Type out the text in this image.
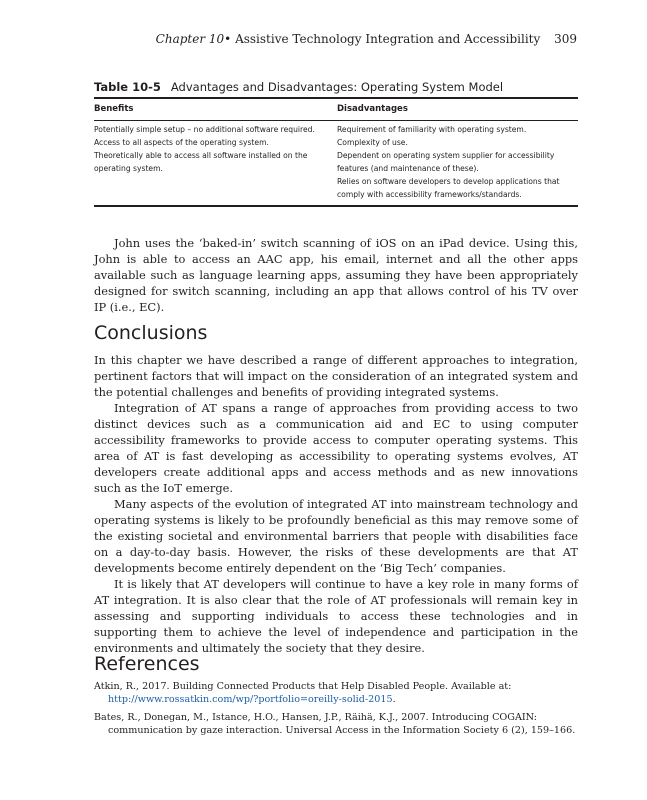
Chapter 10• Assistive Technology Integration and Accessibility 309
Table 10-5 Advantages and Disadvantages: Operating System Model
Benefits	Disadvantages
Potentially simple setup – no additional software required.
Access to all aspects of the operating system.
Theoretically able to access all software installed on the
operating system.
Requirement of familiarity with operating system.
Complexity of use.
Dependent on operating system supplier for accessibility
features (and maintenance of these).
Relies on software developers to develop applications that
comply with accessibility frameworks/standards.

John uses the ‘baked-in’ switch scanning of iOS on an iPad device. Using this, John is able to access an AAC app, his email, internet and all the other apps available such as language learning apps, assuming they have been appropriately designed for switch scanning, including an app that allows control of his TV over IP (i.e., EC).

Conclusions

In this chapter we have described a range of different approaches to integration, pertinent factors that will impact on the consideration of an integrated system and the potential challenges and benefits of providing integrated systems.

Integration of AT spans a range of approaches from providing access to two distinct devices such as a communication aid and EC to using computer accessibility frameworks to provide access to computer operating systems. This area of AT is fast developing as accessibility to operating systems evolves, AT developers create additional apps and access methods and as new innovations such as the IoT emerge.

Many aspects of the evolution of integrated AT into mainstream technology and operating systems is likely to be profoundly beneficial as this may remove some of the existing societal and environmental barriers that people with disabilities face on a day-to-day basis. However, the risks of these developments are that AT developments become entirely dependent on the ‘Big Tech’ companies.

It is likely that AT developers will continue to have a key role in many forms of AT integration. It is also clear that the role of AT professionals will remain key in assessing and supporting individuals to access these technologies and in supporting them to achieve the level of independence and participation in the environments and ultimately the society that they desire.

References

Atkin, R., 2017. Building Connected Products that Help Disabled People. Available at: http://www.rossatkin.com/wp/?portfolio=oreilly-solid-2015.

Bates, R., Donegan, M., Istance, H.O., Hansen, J.P., Räihä, K.J., 2007. Introducing COGAIN: communication by gaze interaction. Universal Access in the Information Society 6 (2), 159–166.
